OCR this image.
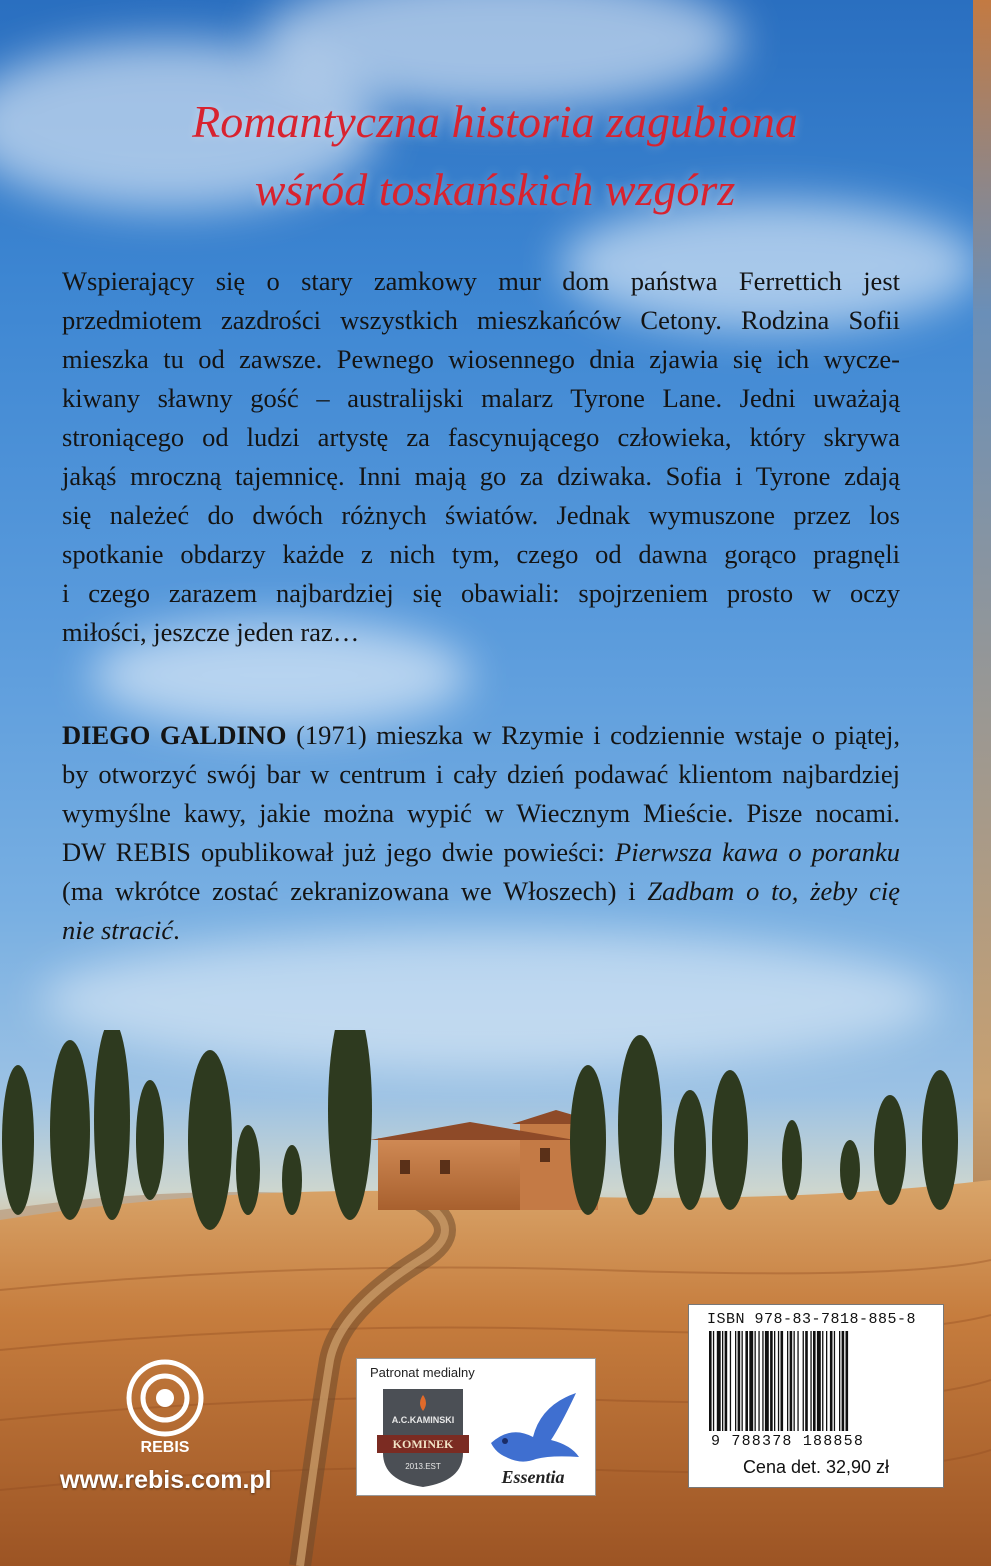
Romantyczna historia zagubiona
wśród toskańskich wzgórz
Wspierający się o stary zamkowy mur dom państwa Ferrettich jest
przedmiotem zazdrości wszystkich mieszkańców Cetony. Rodzina Sofii
mieszka tu od zawsze. Pewnego wiosennego dnia zjawia się ich wycze-
kiwany sławny gość – australijski malarz Tyrone Lane. Jedni uważają
stroniącego od ludzi artystę za fascynującego człowieka, który skrywa
jakąś mroczną tajemnicę. Inni mają go za dziwaka. Sofia i Tyrone zdają
się należeć do dwóch różnych światów. Jednak wymuszone przez los
spotkanie obdarzy każde z nich tym, czego od dawna gorąco pragnęli
i czego zarazem najbardziej się obawiali: spojrzeniem prosto w oczy
miłości, jeszcze jeden raz…
DIEGO GALDINO (1971) mieszka w Rzymie i codziennie wstaje o piątej,
by otworzyć swój bar w centrum i cały dzień podawać klientom najbardziej
wymyślne kawy, jakie można wypić w Wiecznym Mieście. Pisze nocami.
DW REBIS opublikował już jego dwie powieści: Pierwsza kawa o poranku
(ma wkrótce zostać zekranizowana we Włoszech) i Zadbam o to, żeby cię
nie stracić.
REBIS
www.rebis.com.pl
Patronat medialny
A.C.KAMINSKI
KOMINEK
2013.EST
Essentia
ISBN 978-83-7818-885-8
9 788378 188858
Cena det. 32,90 zł
